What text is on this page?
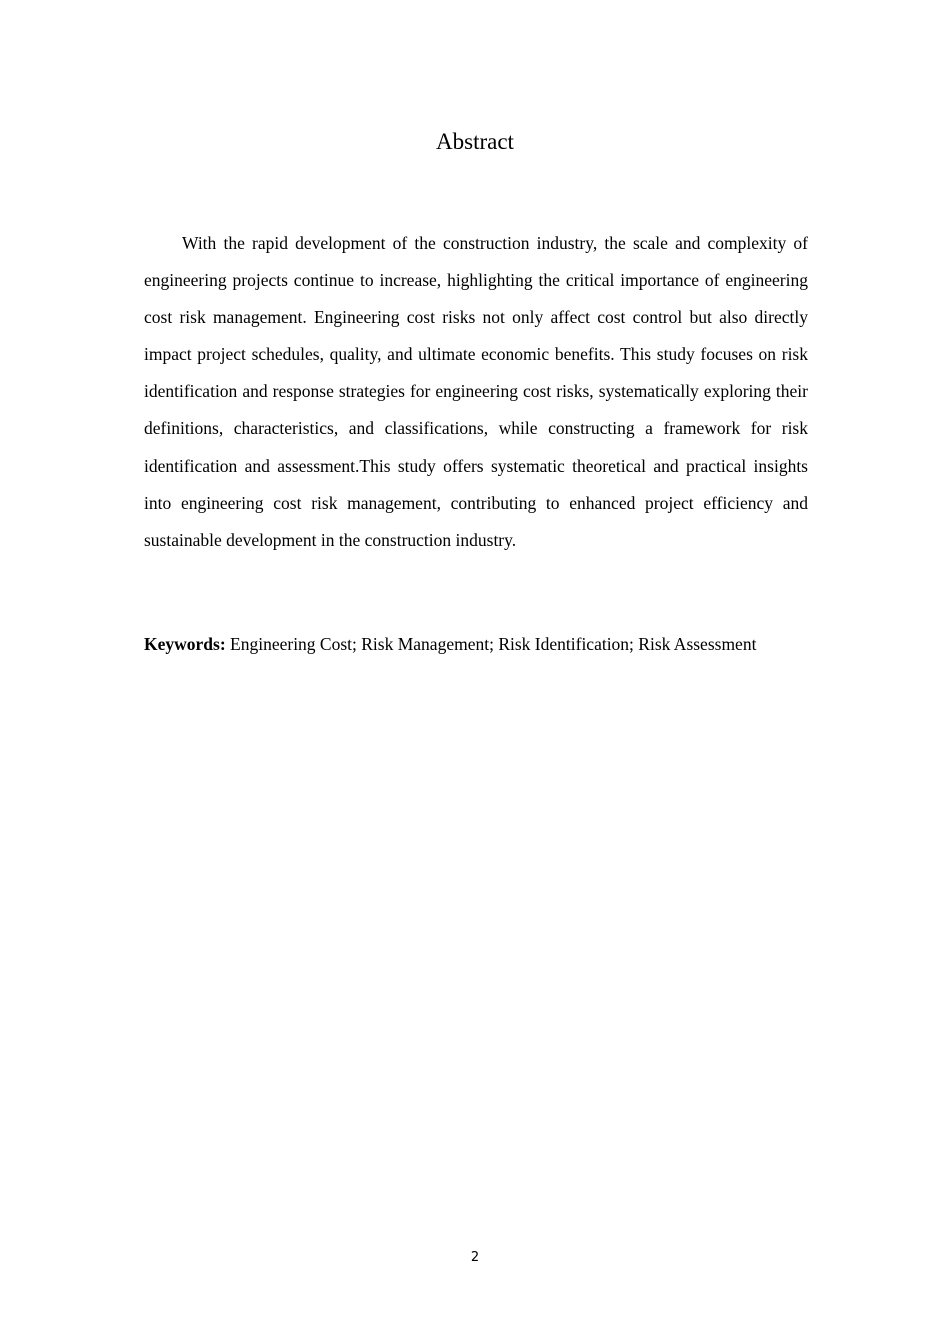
Abstract

With the rapid development of the construction industry, the scale and complexity of engineering projects continue to increase, highlighting the critical importance of engineering cost risk management. Engineering cost risks not only affect cost control but also directly impact project schedules, quality, and ultimate economic benefits. This study focuses on risk identification and response strategies for engineering cost risks, systematically exploring their definitions, characteristics, and classifications, while constructing a framework for risk identification and assessment.This study offers systematic theoretical and practical insights into engineering cost risk management, contributing to enhanced project efficiency and sustainable development in the construction industry.

Keywords: Engineering Cost; Risk Management; Risk Identification; Risk Assessment

2
